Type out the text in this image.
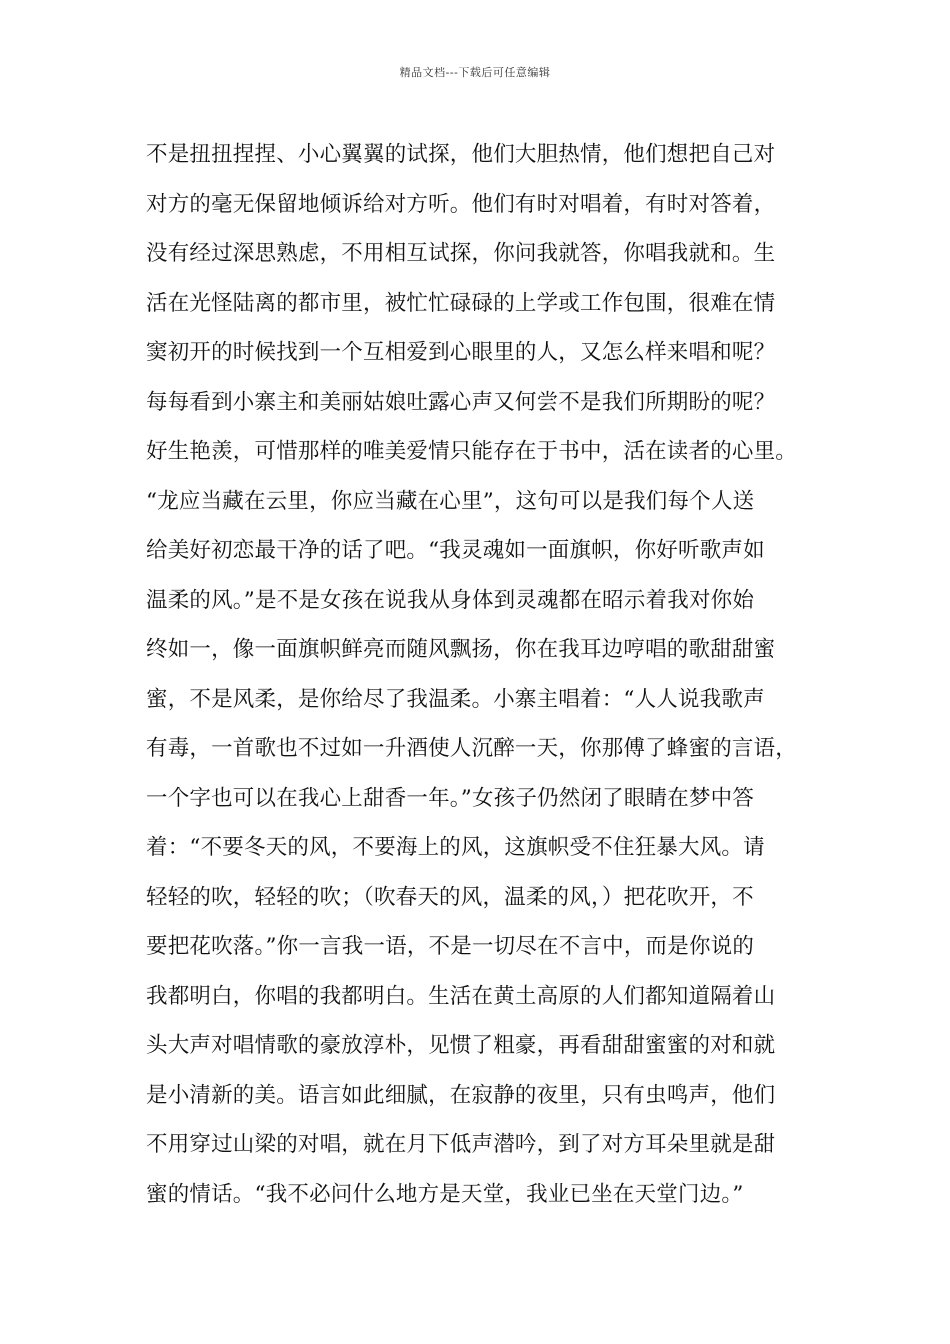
精品文档---下载后可任意编辑
不是扭扭捏捏、小心翼翼的试探，他们大胆热情，他们想把自己对
对方的毫无保留地倾诉给对方听。他们有时对唱着，有时对答着，
没有经过深思熟虑，不用相互试探，你问我就答，你唱我就和。生
活在光怪陆离的都市里，被忙忙碌碌的上学或工作包围，很难在情
窦初开的时候找到一个互相爱到心眼里的人，又怎么样来唱和呢？
每每看到小寨主和美丽姑娘吐露心声又何尝不是我们所期盼的呢？
好生艳羡，可惜那样的唯美爱情只能存在于书中，活在读者的心里。
“龙应当藏在云里，你应当藏在心里”，这句可以是我们每个人送
给美好初恋最干净的话了吧。“我灵魂如一面旗帜，你好听歌声如
温柔的风。”是不是女孩在说我从身体到灵魂都在昭示着我对你始
终如一，像一面旗帜鲜亮而随风飘扬，你在我耳边哼唱的歌甜甜蜜
蜜，不是风柔，是你给尽了我温柔。小寨主唱着：“人人说我歌声
有毒，一首歌也不过如一升酒使人沉醉一天，你那傅了蜂蜜的言语，
一个字也可以在我心上甜香一年。”女孩子仍然闭了眼睛在梦中答
着：“不要冬天的风，不要海上的风，这旗帜受不住狂暴大风。请
轻轻的吹，轻轻的吹；（吹春天的风，温柔的风，）把花吹开，不
要把花吹落。”你一言我一语，不是一切尽在不言中，而是你说的
我都明白，你唱的我都明白。生活在黄土高原的人们都知道隔着山
头大声对唱情歌的豪放淳朴，见惯了粗豪，再看甜甜蜜蜜的对和就
是小清新的美。语言如此细腻，在寂静的夜里，只有虫鸣声，他们
不用穿过山梁的对唱，就在月下低声潜吟，到了对方耳朵里就是甜
蜜的情话。“我不必问什么地方是天堂，我业已坐在天堂门边。”
